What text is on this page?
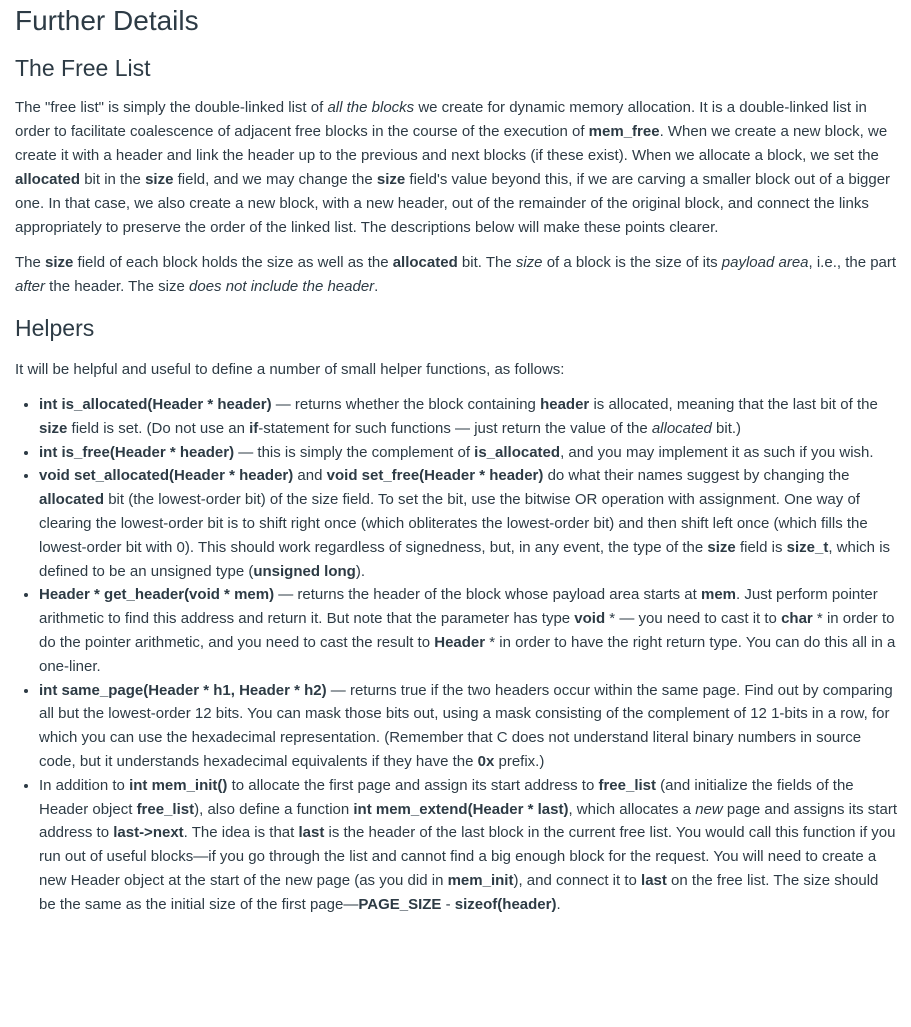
Further Details
The Free List

The "free list" is simply the double-linked list of all the blocks we create for dynamic memory allocation. It is a double-linked list in order to facilitate coalescence of adjacent free blocks in the course of the execution of mem_free. When we create a new block, we create it with a header and link the header up to the previous and next blocks (if these exist). When we allocate a block, we set the allocated bit in the size field, and we may change the size field's value beyond this, if we are carving a smaller block out of a bigger one. In that case, we also create a new block, with a new header, out of the remainder of the original block, and connect the links appropriately to preserve the order of the linked list. The descriptions below will make these points clearer.

The size field of each block holds the size as well as the allocated bit. The size of a block is the size of its payload area, i.e., the part after the header. The size does not include the header.

Helpers

It will be helpful and useful to define a number of small helper functions, as follows:

• int is_allocated(Header * header) — returns whether the block containing header is allocated, meaning that the last bit of the size field is set. (Do not use an if-statement for such functions — just return the value of the allocated bit.)
• int is_free(Header * header) — this is simply the complement of is_allocated, and you may implement it as such if you wish.
• void set_allocated(Header * header) and void set_free(Header * header) do what their names suggest by changing the allocated bit (the lowest-order bit) of the size field. To set the bit, use the bitwise OR operation with assignment. One way of clearing the lowest-order bit is to shift right once (which obliterates the lowest-order bit) and then shift left once (which fills the lowest-order bit with 0). This should work regardless of signedness, but, in any event, the type of the size field is size_t, which is defined to be an unsigned type (unsigned long).
• Header * get_header(void * mem) — returns the header of the block whose payload area starts at mem. Just perform pointer arithmetic to find this address and return it. But note that the parameter has type void * — you need to cast it to char * in order to do the pointer arithmetic, and you need to cast the result to Header * in order to have the right return type. You can do this all in a one-liner.
• int same_page(Header * h1, Header * h2) — returns true if the two headers occur within the same page. Find out by comparing all but the lowest-order 12 bits. You can mask those bits out, using a mask consisting of the complement of 12 1-bits in a row, for which you can use the hexadecimal representation. (Remember that C does not understand literal binary numbers in source code, but it understands hexadecimal equivalents if they have the 0x prefix.)
• In addition to int mem_init() to allocate the first page and assign its start address to free_list (and initialize the fields of the Header object free_list), also define a function int mem_extend(Header * last), which allocates a new page and assigns its start address to last->next. The idea is that last is the header of the last block in the current free list. You would call this function if you run out of useful blocks—if you go through the list and cannot find a big enough block for the request. You will need to create a new Header object at the start of the new page (as you did in mem_init), and connect it to last on the free list. The size should be the same as the initial size of the first page—PAGE_SIZE - sizeof(header).
